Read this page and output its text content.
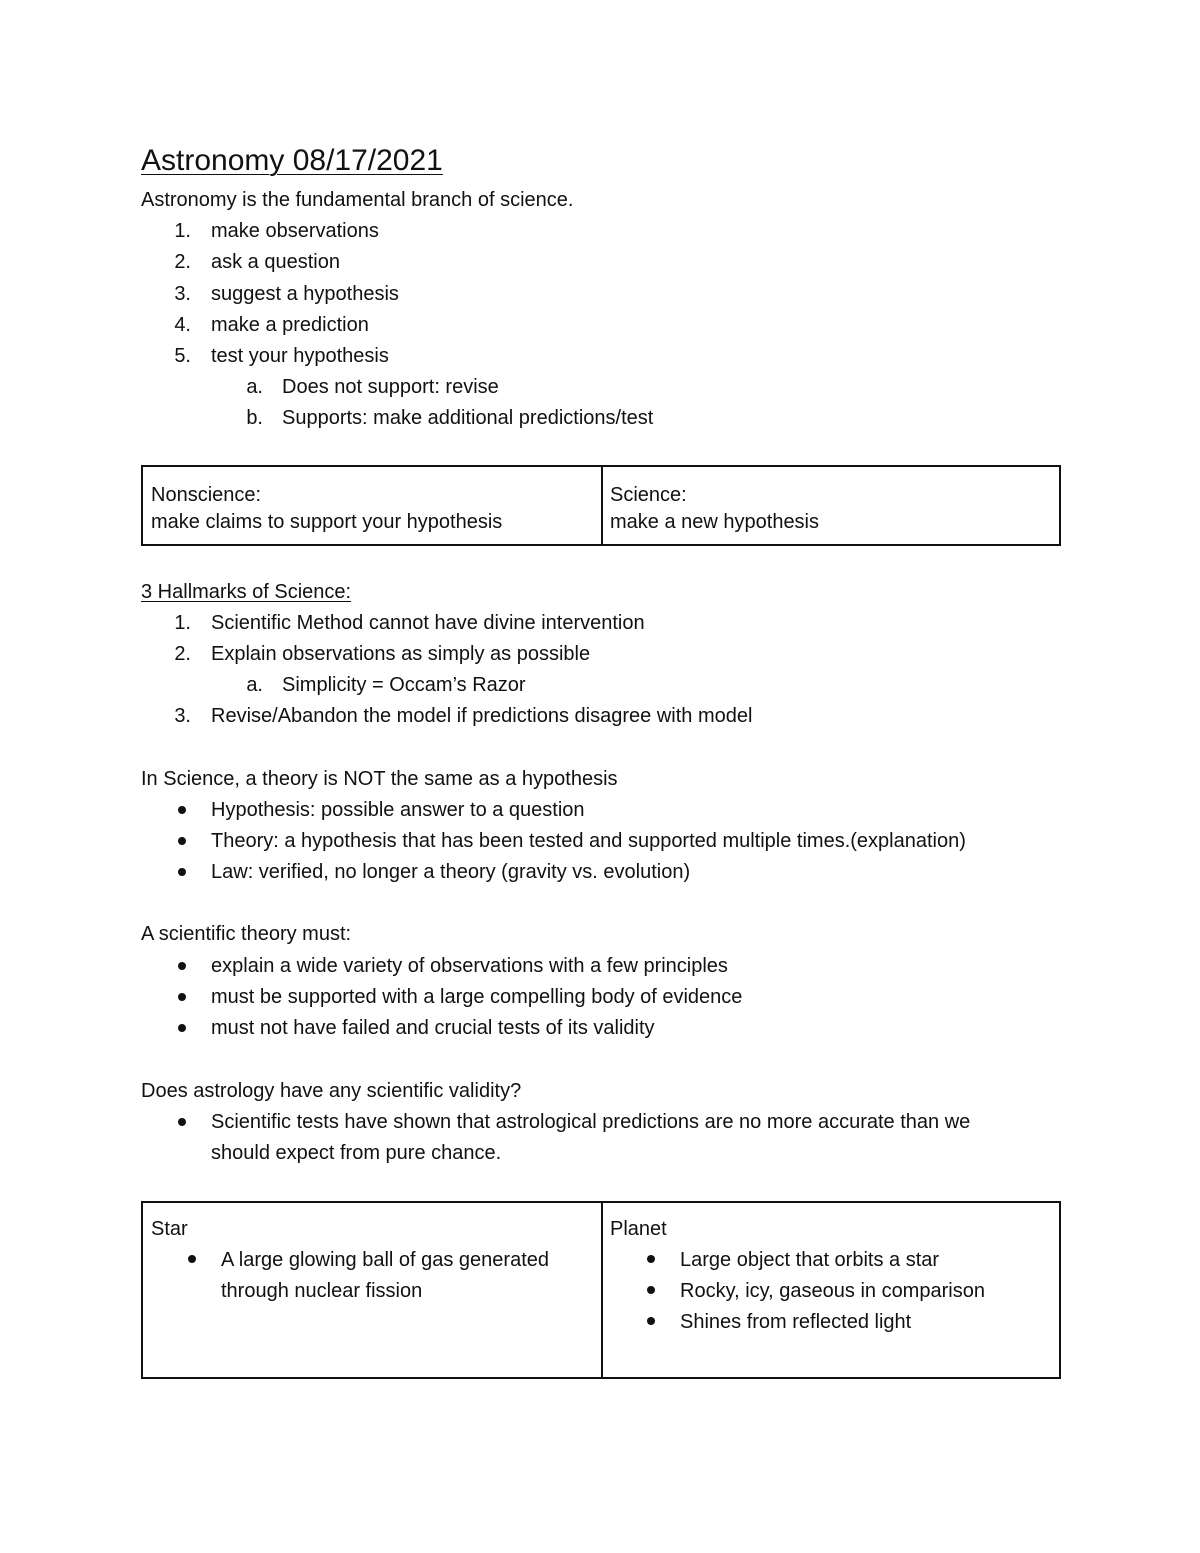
Astronomy 08/17/2021
Astronomy is the fundamental branch of science.
1. make observations
2. ask a question
3. suggest a hypothesis
4. make a prediction
5. test your hypothesis
a. Does not support: revise
b. Supports: make additional predictions/test
Nonscience:
make claims to support your hypothesis
Science:
make a new hypothesis
3 Hallmarks of Science:
1. Scientific Method cannot have divine intervention
2. Explain observations as simply as possible
a. Simplicity = Occam’s Razor
3. Revise/Abandon the model if predictions disagree with model
In Science, a theory is NOT the same as a hypothesis
Hypothesis: possible answer to a question
Theory: a hypothesis that has been tested and supported multiple times.(explanation)
Law: verified, no longer a theory (gravity vs. evolution)
A scientific theory must:
explain a wide variety of observations with a few principles
must be supported with a large compelling body of evidence
must not have failed and crucial tests of its validity
Does astrology have any scientific validity?
Scientific tests have shown that astrological predictions are no more accurate than we
should expect from pure chance.
Star
A large glowing ball of gas generated
through nuclear fission
Planet
Large object that orbits a star
Rocky, icy, gaseous in comparison
Shines from reflected light
